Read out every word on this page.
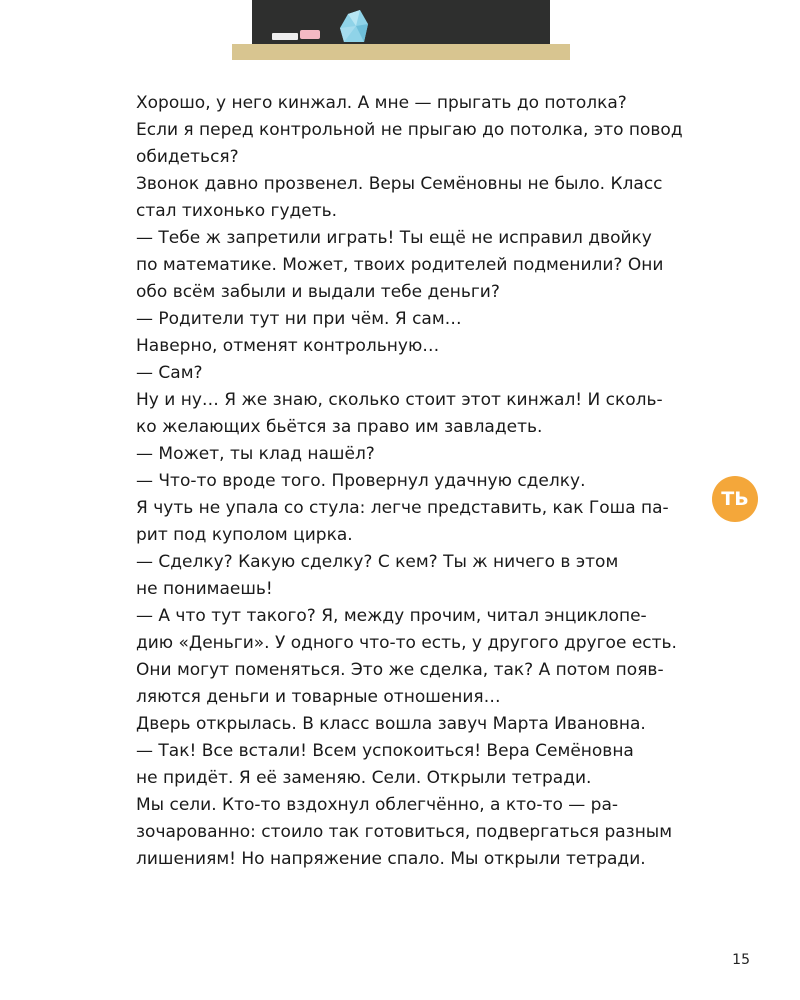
Хорошо, у него кинжал. А мне — прыгать до потолка?
Если я перед контрольной не прыгаю до потолка, это повод
обидеться?

Звонок давно прозвенел. Веры Семёновны не было. Класс
стал тихонько гудеть.

— Тебе ж запретили играть! Ты ещё не исправил двойку
по математике. Может, твоих родителей подменили? Они
обо всём забыли и выдали тебе деньги?

— Родители тут ни при чём. Я сам…

Наверно, отменят контрольную…

— Сам?

Ну и ну… Я же знаю, сколько стоит этот кинжал! И сколь-
ко желающих бьётся за право им завладеть.

— Может, ты клад нашёл?

— Что-то вроде того. Провернул удачную сделку.

Я чуть не упала со стула: легче представить, как Гоша па-
рит под куполом цирка.

— Сделку? Какую сделку? С кем? Ты ж ничего в этом
не понимаешь!

— А что тут такого? Я, между прочим, читал энциклопе-
дию «Деньги». У одного что-то есть, у другого другое есть.
Они могут поменяться. Это же сделка, так? А потом появ-
ляются деньги и товарные отношения…

Дверь открылась. В класс вошла завуч Марта Ивановна.

— Так! Все встали! Всем успокоиться! Вера Семёновна
не придёт. Я её заменяю. Сели. Открыли тетради.

Мы сели. Кто-то вздохнул облегчённо, а кто-то — ра-
зочарованно: стоило так готовиться, подвергаться разным
лишениям! Но напряжение спало. Мы открыли тетради.

ТЬ
15
